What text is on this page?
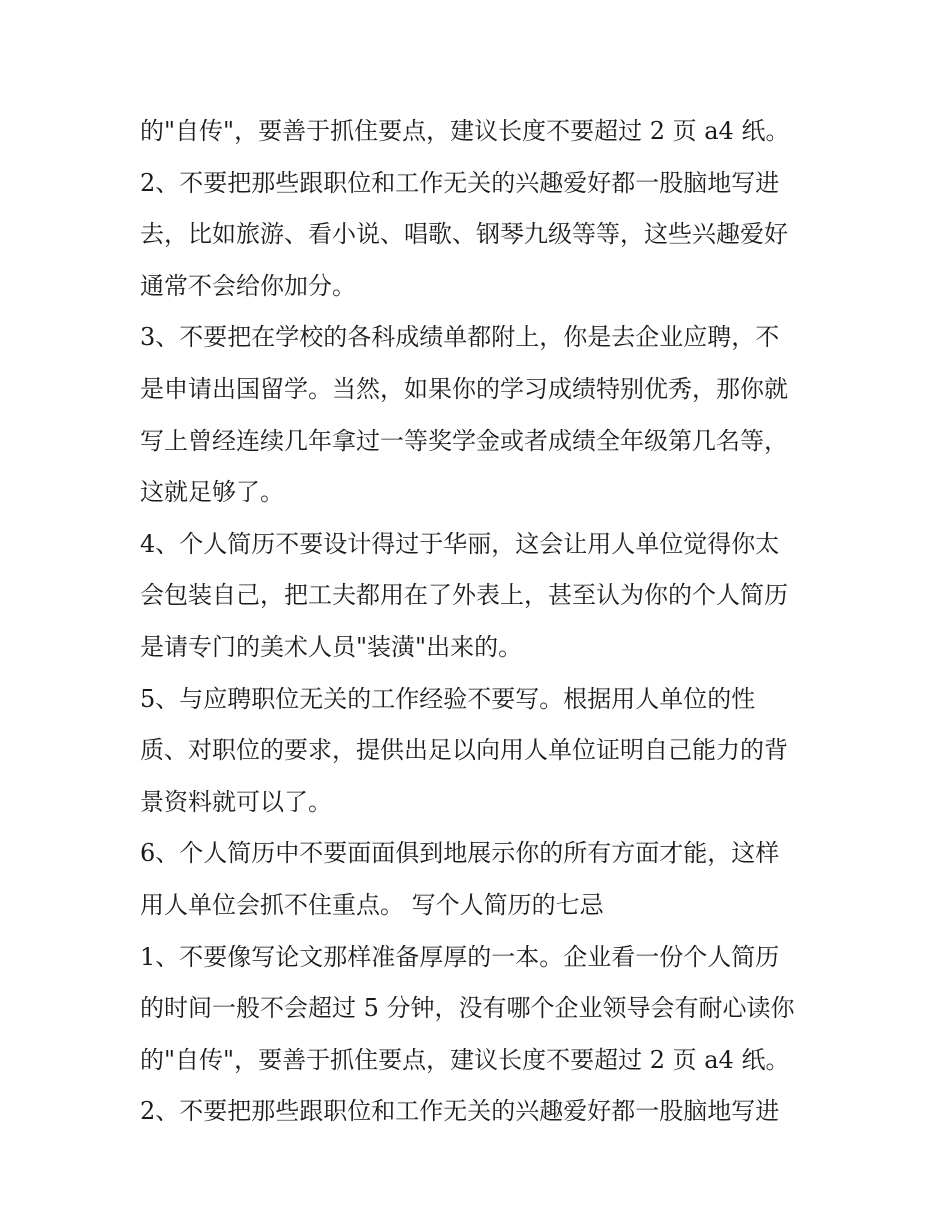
的"自传"，要善于抓住要点，建议长度不要超过 2 页 a4 纸。
2、不要把那些跟职位和工作无关的兴趣爱好都一股脑地写进
去，比如旅游、看小说、唱歌、钢琴九级等等，这些兴趣爱好
通常不会给你加分。
3、不要把在学校的各科成绩单都附上，你是去企业应聘，不
是申请出国留学。当然，如果你的学习成绩特别优秀，那你就
写上曾经连续几年拿过一等奖学金或者成绩全年级第几名等，
这就足够了。
4、个人简历不要设计得过于华丽，这会让用人单位觉得你太
会包装自己，把工夫都用在了外表上，甚至认为你的个人简历
是请专门的美术人员"装潢"出来的。
5、与应聘职位无关的工作经验不要写。根据用人单位的性
质、对职位的要求，提供出足以向用人单位证明自己能力的背
景资料就可以了。
6、个人简历中不要面面俱到地展示你的所有方面才能，这样
用人单位会抓不住重点。 写个人简历的七忌
1、不要像写论文那样准备厚厚的一本。企业看一份个人简历
的时间一般不会超过 5 分钟，没有哪个企业领导会有耐心读你
的"自传"，要善于抓住要点，建议长度不要超过 2 页 a4 纸。
2、不要把那些跟职位和工作无关的兴趣爱好都一股脑地写进
